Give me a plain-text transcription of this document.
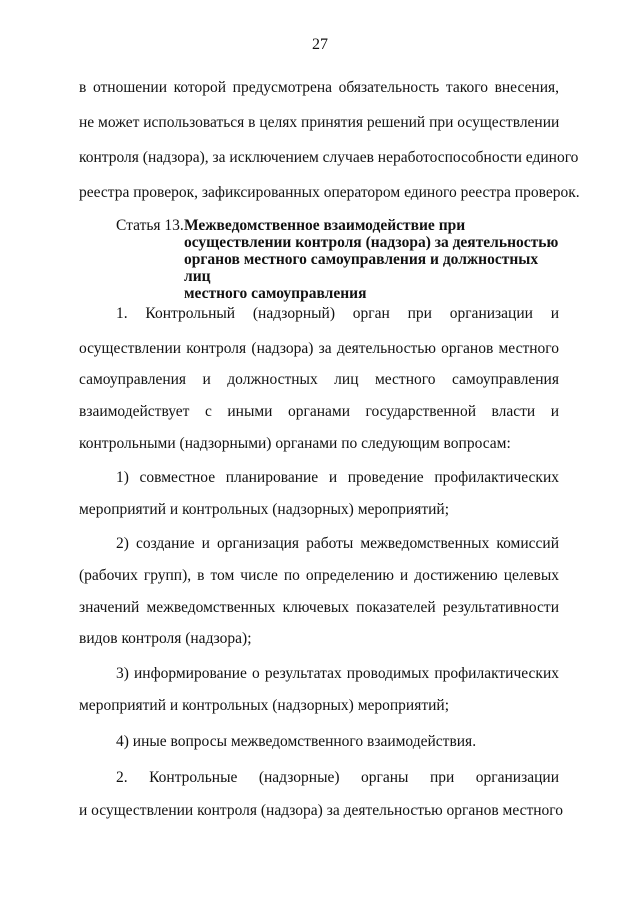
27
в отношении которой предусмотрена обязательность такого внесения,
не может использоваться в целях принятия решений при осуществлении
контроля (надзора), за исключением случаев неработоспособности единого
реестра проверок, зафиксированных оператором единого реестра проверок.
Статья 13. Межведомственное взаимодействие при
осуществлении контроля (надзора) за деятельностью
органов местного самоуправления и должностных лиц
местного самоуправления
1. Контрольный (надзорный) орган при организации и
осуществлении контроля (надзора) за деятельностью органов местного
самоуправления и должностных лиц местного самоуправления
взаимодействует с иными органами государственной власти и
контрольными (надзорными) органами по следующим вопросам:
1) совместное планирование и проведение профилактических
мероприятий и контрольных (надзорных) мероприятий;
2) создание и организация работы межведомственных комиссий
(рабочих групп), в том числе по определению и достижению целевых
значений межведомственных ключевых показателей результативности
видов контроля (надзора);
3) информирование о результатах проводимых профилактических
мероприятий и контрольных (надзорных) мероприятий;
4) иные вопросы межведомственного взаимодействия.
2. Контрольные (надзорные) органы при организации
и осуществлении контроля (надзора) за деятельностью органов местного
